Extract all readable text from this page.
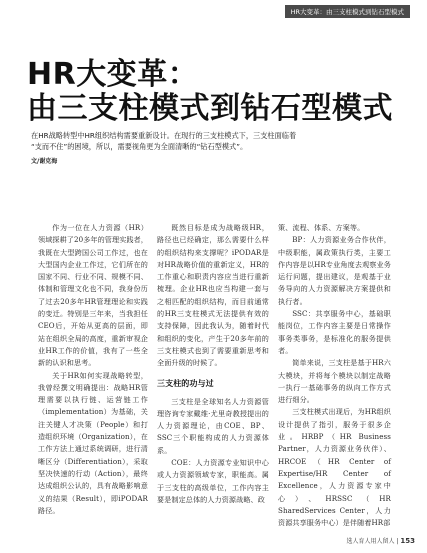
HR大变革：由三支柱模式到钻石型模式
HR大变革：
由三支柱模式到钻石型模式

在HR战略转型中HR组织结构需要重新设计。在现行的三支柱模式下，三支柱面临着

“支而不住”的困境，所以，需要视角更为全面清晰的“钻石型模式”。

文/谢克海

作为一位在人力资源（HR）领域探耕了20多年的管理实践者，我既在大型跨国公司工作过，也在大型国内企业工作过，它们所在的国家不同、行业不同、规模不同、体制和管理文化也不同，我身份历了过去20多年HR管理理论和实践的变迁。特别是三年来，当我担任CEO后，开始从更高的层面，即站在组织全局的高度，重新审视企业HR工作的价值，我有了一些全新的认识和思考。

关于HR如何实现战略转型，我曾经撰文明确提出：战略HR管理需要以执行链、运营链工作（implementation）为基础，关注关键人才决策（People）和打造组织环境（Organization），在工作方法上通过系统调研，进行清晰区分（Differentiation），采取坚决快速的行动（Action），最终达成组织公认的，具有战略影响意义的结果（Result），即iPODAR路径。

既然目标是成为战略级HR，路径也已经确定，那么需要什么样的组织结构来支撑呢？iPODAR是对HR战略价值的重新定义，HR的工作重心和职责内容应当进行重新梳理。企业HR也应当构建一套与之相匹配的组织结构，而目前通常的HR三支柱模式无法提供有效的支持保障，因此我认为，随着时代和组织的变化，产生于20多年前的三支柱模式也到了需要重新思考和全面升级的时候了。

三支柱的功与过

三支柱是全球知名人力资源管理咨询专家戴维·尤里奇教授提出的人力资源理论，由COE、BP、SSC三个职能构成的人力资源体系。

COE：人力资源专业知识中心或人力资源领域专家，职能高。属于三支柱的高级单位，工作内容主要是制定总体的人力资源战略、政

策、流程、体系、方案等。

BP：人力资源业务合作伙伴，中级职能，属政策执行类，主要工作内容是以HR专业角度去观察业务运行问题，提出建议，是观基于业务导向的人力资源解决方案提供和执行者。

SSC：共享服务中心，基础职能岗位，工作内容主要是日常操作事务类事务，是标准化的服务提供者。

简单来说，三支柱是基于HR六大模块，并将每个模块以制定战略一执行一基础事务的纵向工作方式进行细分。

三支柱模式出现后，为HR组织设计提供了指引，服务于很多企业。HRBP（HR Business Partner，人力资源业务伙伴）、HRCOE（HR Center of Expertise/HR Center of Excellence，人力资源专家中心）、HRSSC（HR SharedServices Center，人力资源共享服务中心）是伴随着HR部

选人育人用人留人 | 153
